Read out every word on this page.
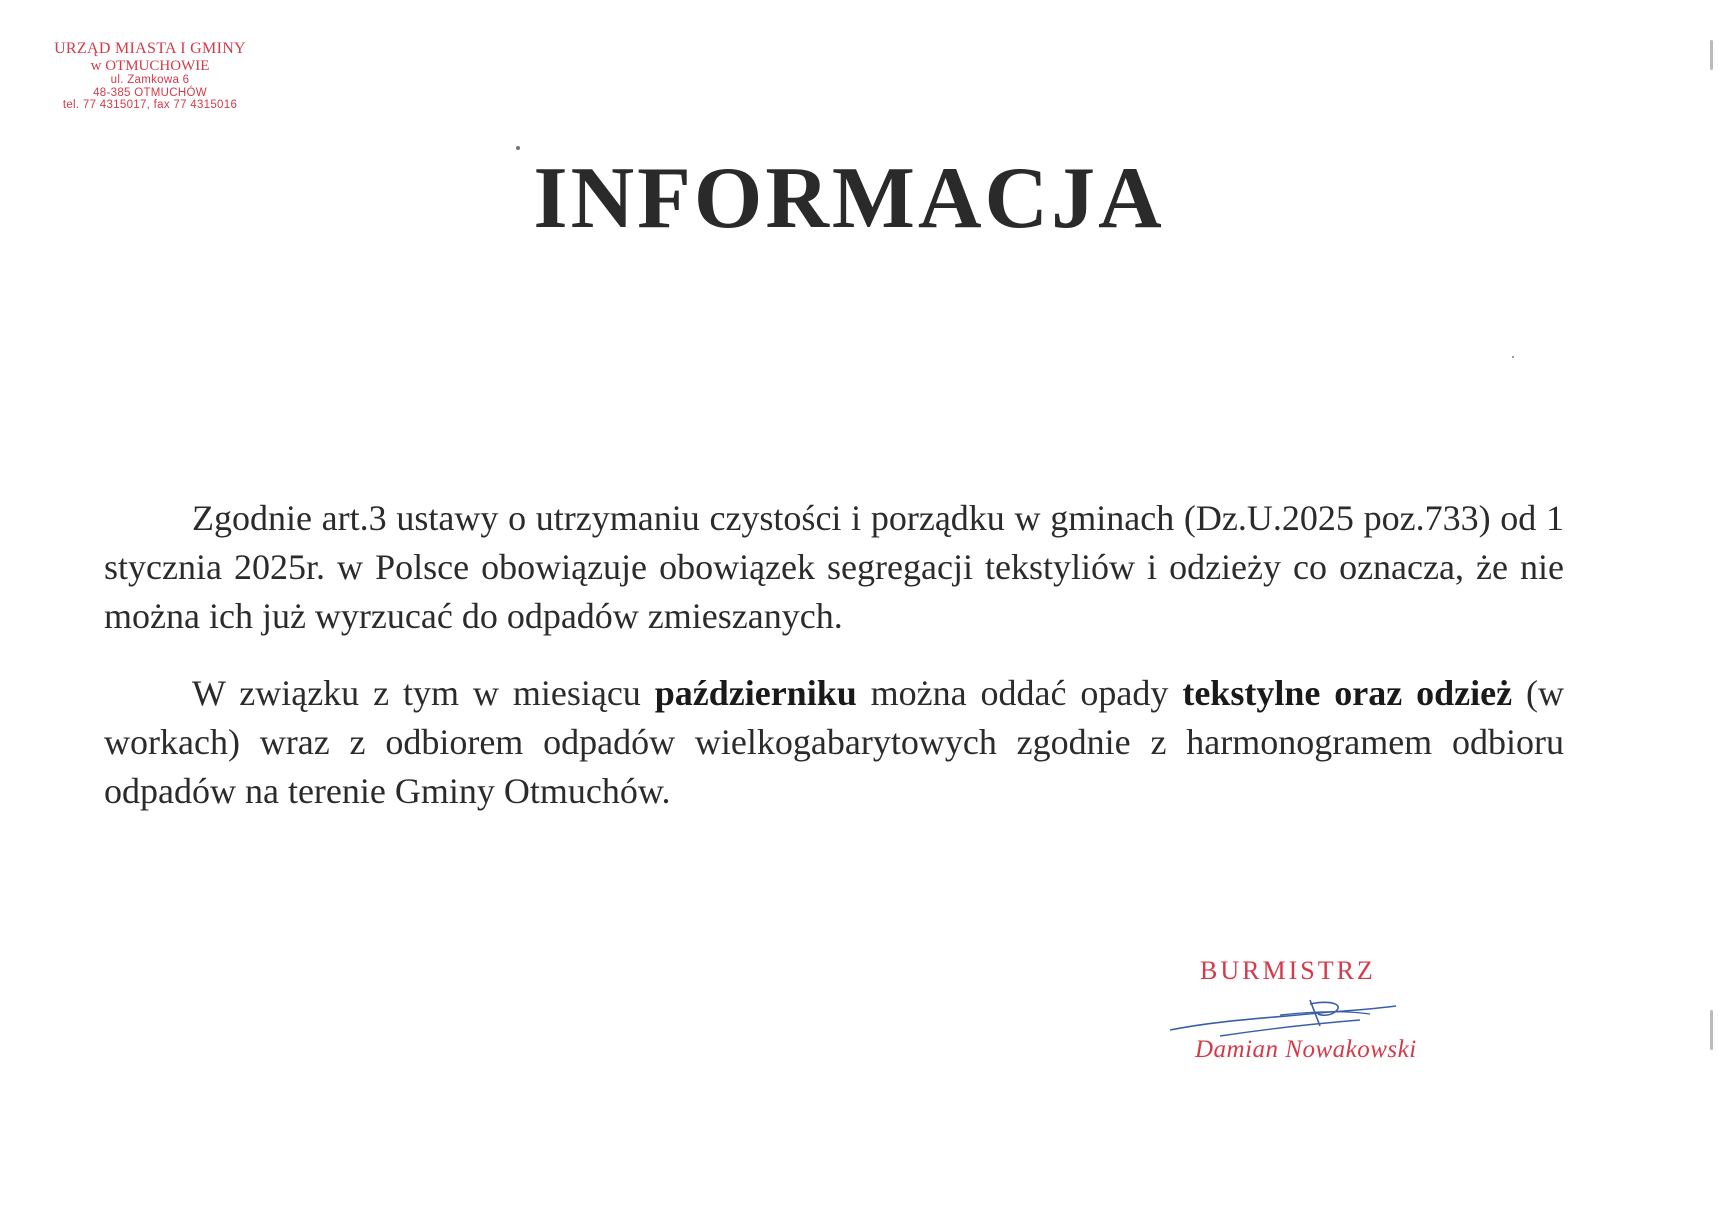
URZĄD MIASTA I GMINY
w OTMUCHOWIE
ul. Zamkowa 6
48-385 OTMUCHÓW
tel. 77 4315017, fax 77 4315016
INFORMACJA

Zgodnie art.3 ustawy o utrzymaniu czystości i porządku w gminach (Dz.U.2025 poz.733) od 1 stycznia 2025r. w Polsce obowiązuje obowiązek segregacji tekstyliów i odzieży co oznacza, że nie można ich już wyrzucać do odpadów zmieszanych.

W związku z tym w miesiącu październiku można oddać opady tekstylne oraz odzież (w workach) wraz z odbiorem odpadów wielkogabarytowych zgodnie z harmonogramem odbioru odpadów na terenie Gminy Otmuchów.

BURMISTRZ
Damian Nowakowski
